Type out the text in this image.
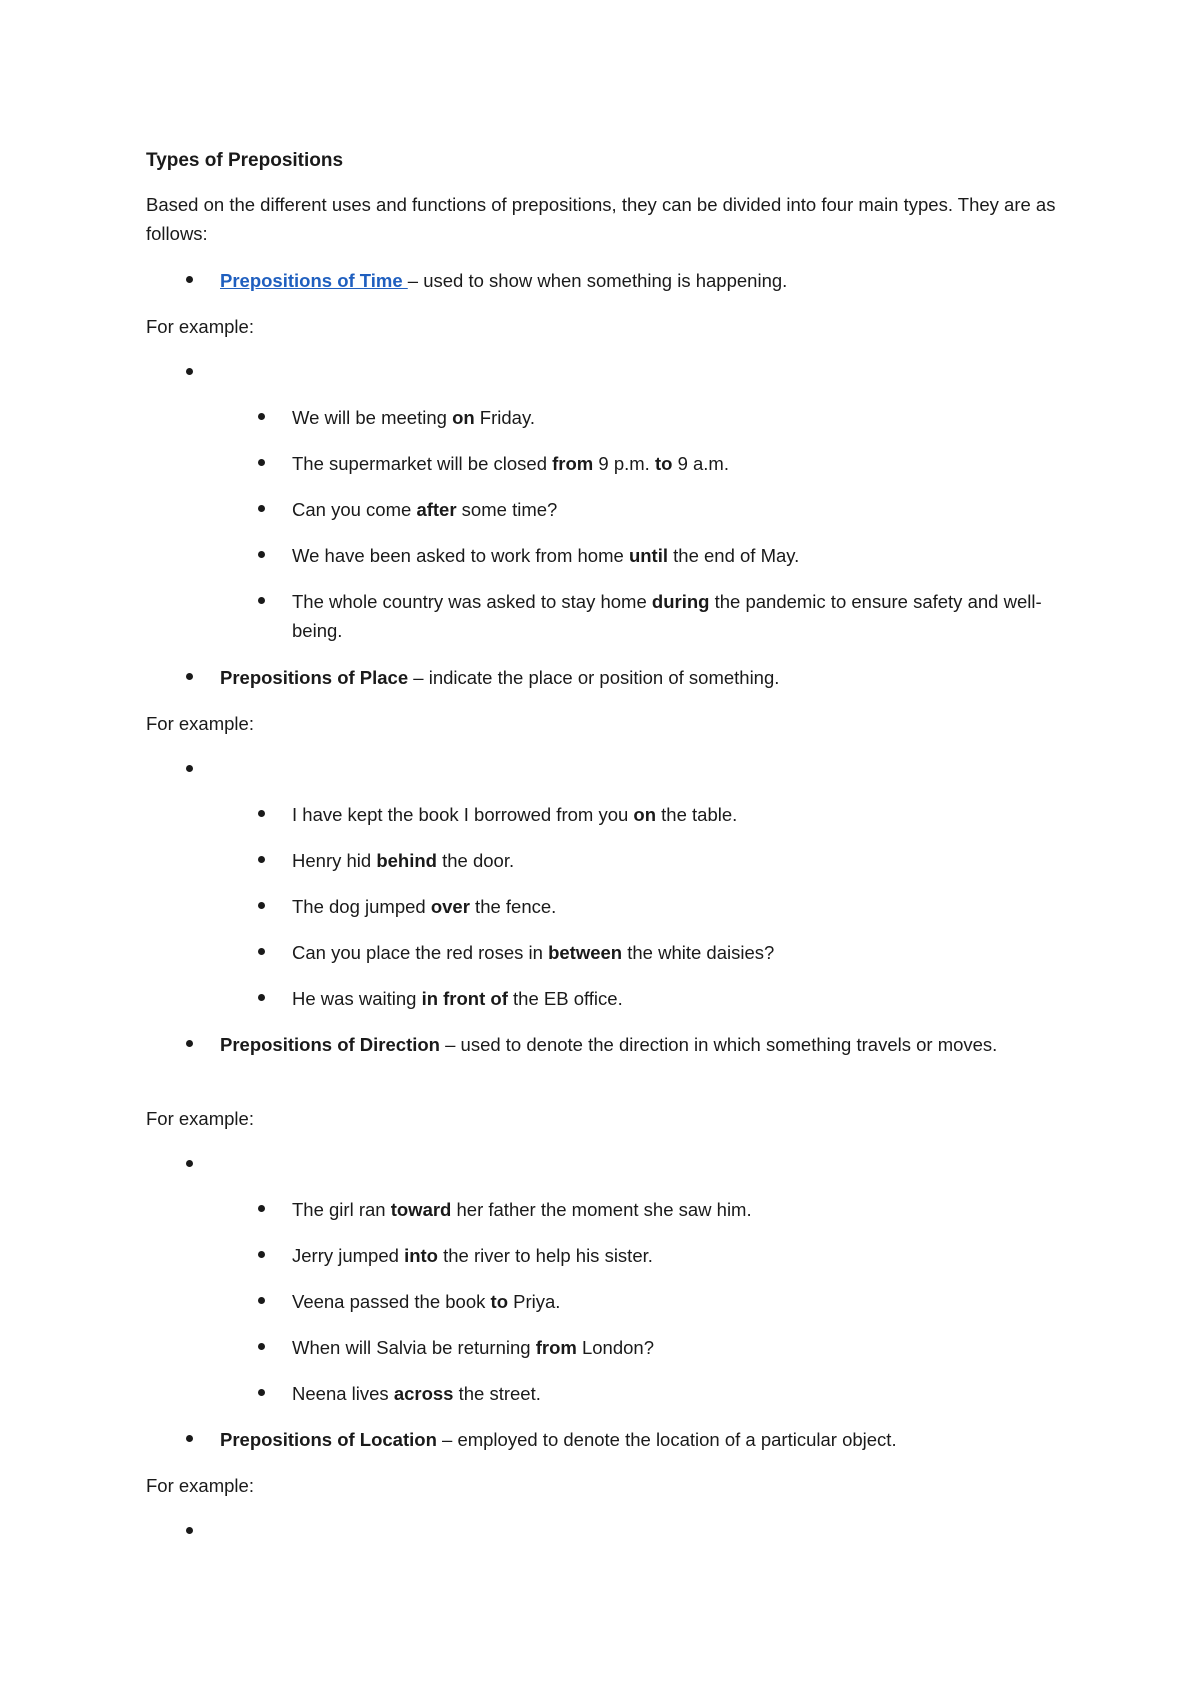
Types of Prepositions
Based on the different uses and functions of prepositions, they can be divided into four main types. They are as follows:
Prepositions of Time – used to show when something is happening.
For example:
We will be meeting on Friday.
The supermarket will be closed from 9 p.m. to 9 a.m.
Can you come after some time?
We have been asked to work from home until the end of May.
The whole country was asked to stay home during the pandemic to ensure safety and well-being.
Prepositions of Place – indicate the place or position of something.
For example:
I have kept the book I borrowed from you on the table.
Henry hid behind the door.
The dog jumped over the fence.
Can you place the red roses in between the white daisies?
He was waiting in front of the EB office.
Prepositions of Direction – used to denote the direction in which something travels or moves.
For example:
The girl ran toward her father the moment she saw him.
Jerry jumped into the river to help his sister.
Veena passed the book to Priya.
When will Salvia be returning from London?
Neena lives across the street.
Prepositions of Location – employed to denote the location of a particular object.
For example:
